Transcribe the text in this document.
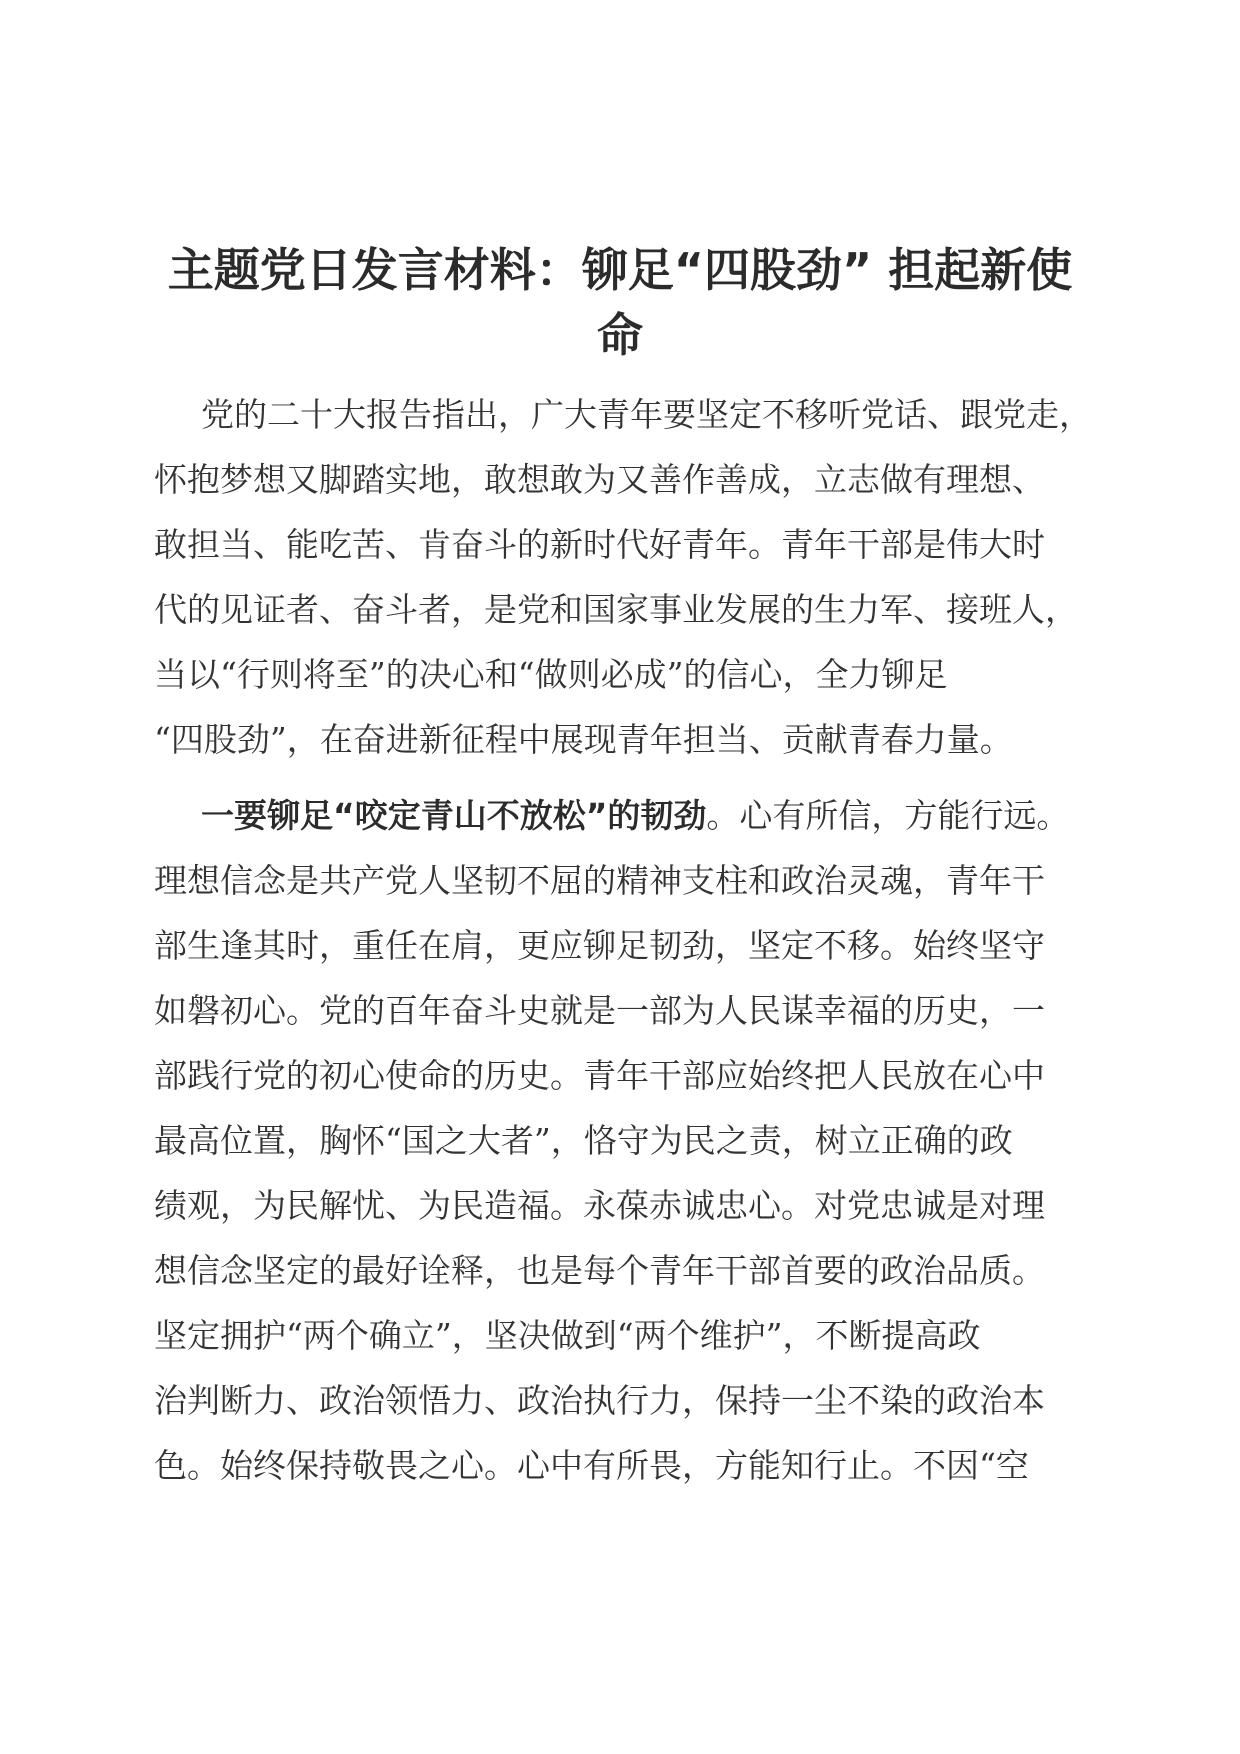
主题党日发言材料：铆足“四股劲” 担起新使
命
党的二十大报告指出，广大青年要坚定不移听党话、跟党走，
怀抱梦想又脚踏实地，敢想敢为又善作善成，立志做有理想、
敢担当、能吃苦、肯奋斗的新时代好青年。青年干部是伟大时
代的见证者、奋斗者，是党和国家事业发展的生力军、接班人，
当以“行则将至”的决心和“做则必成”的信心，全力铆足
“四股劲”，在奋进新征程中展现青年担当、贡献青春力量。
一要铆足“咬定青山不放松”的韧劲。心有所信，方能行远。
理想信念是共产党人坚韧不屈的精神支柱和政治灵魂，青年干
部生逢其时，重任在肩，更应铆足韧劲，坚定不移。始终坚守
如磐初心。党的百年奋斗史就是一部为人民谋幸福的历史，一
部践行党的初心使命的历史。青年干部应始终把人民放在心中
最高位置，胸怀“国之大者”，恪守为民之责，树立正确的政
绩观，为民解忧、为民造福。永葆赤诚忠心。对党忠诚是对理
想信念坚定的最好诠释，也是每个青年干部首要的政治品质。
坚定拥护“两个确立”，坚决做到“两个维护”，不断提高政
治判断力、政治领悟力、政治执行力，保持一尘不染的政治本
色。始终保持敬畏之心。心中有所畏，方能知行止。不因“空
